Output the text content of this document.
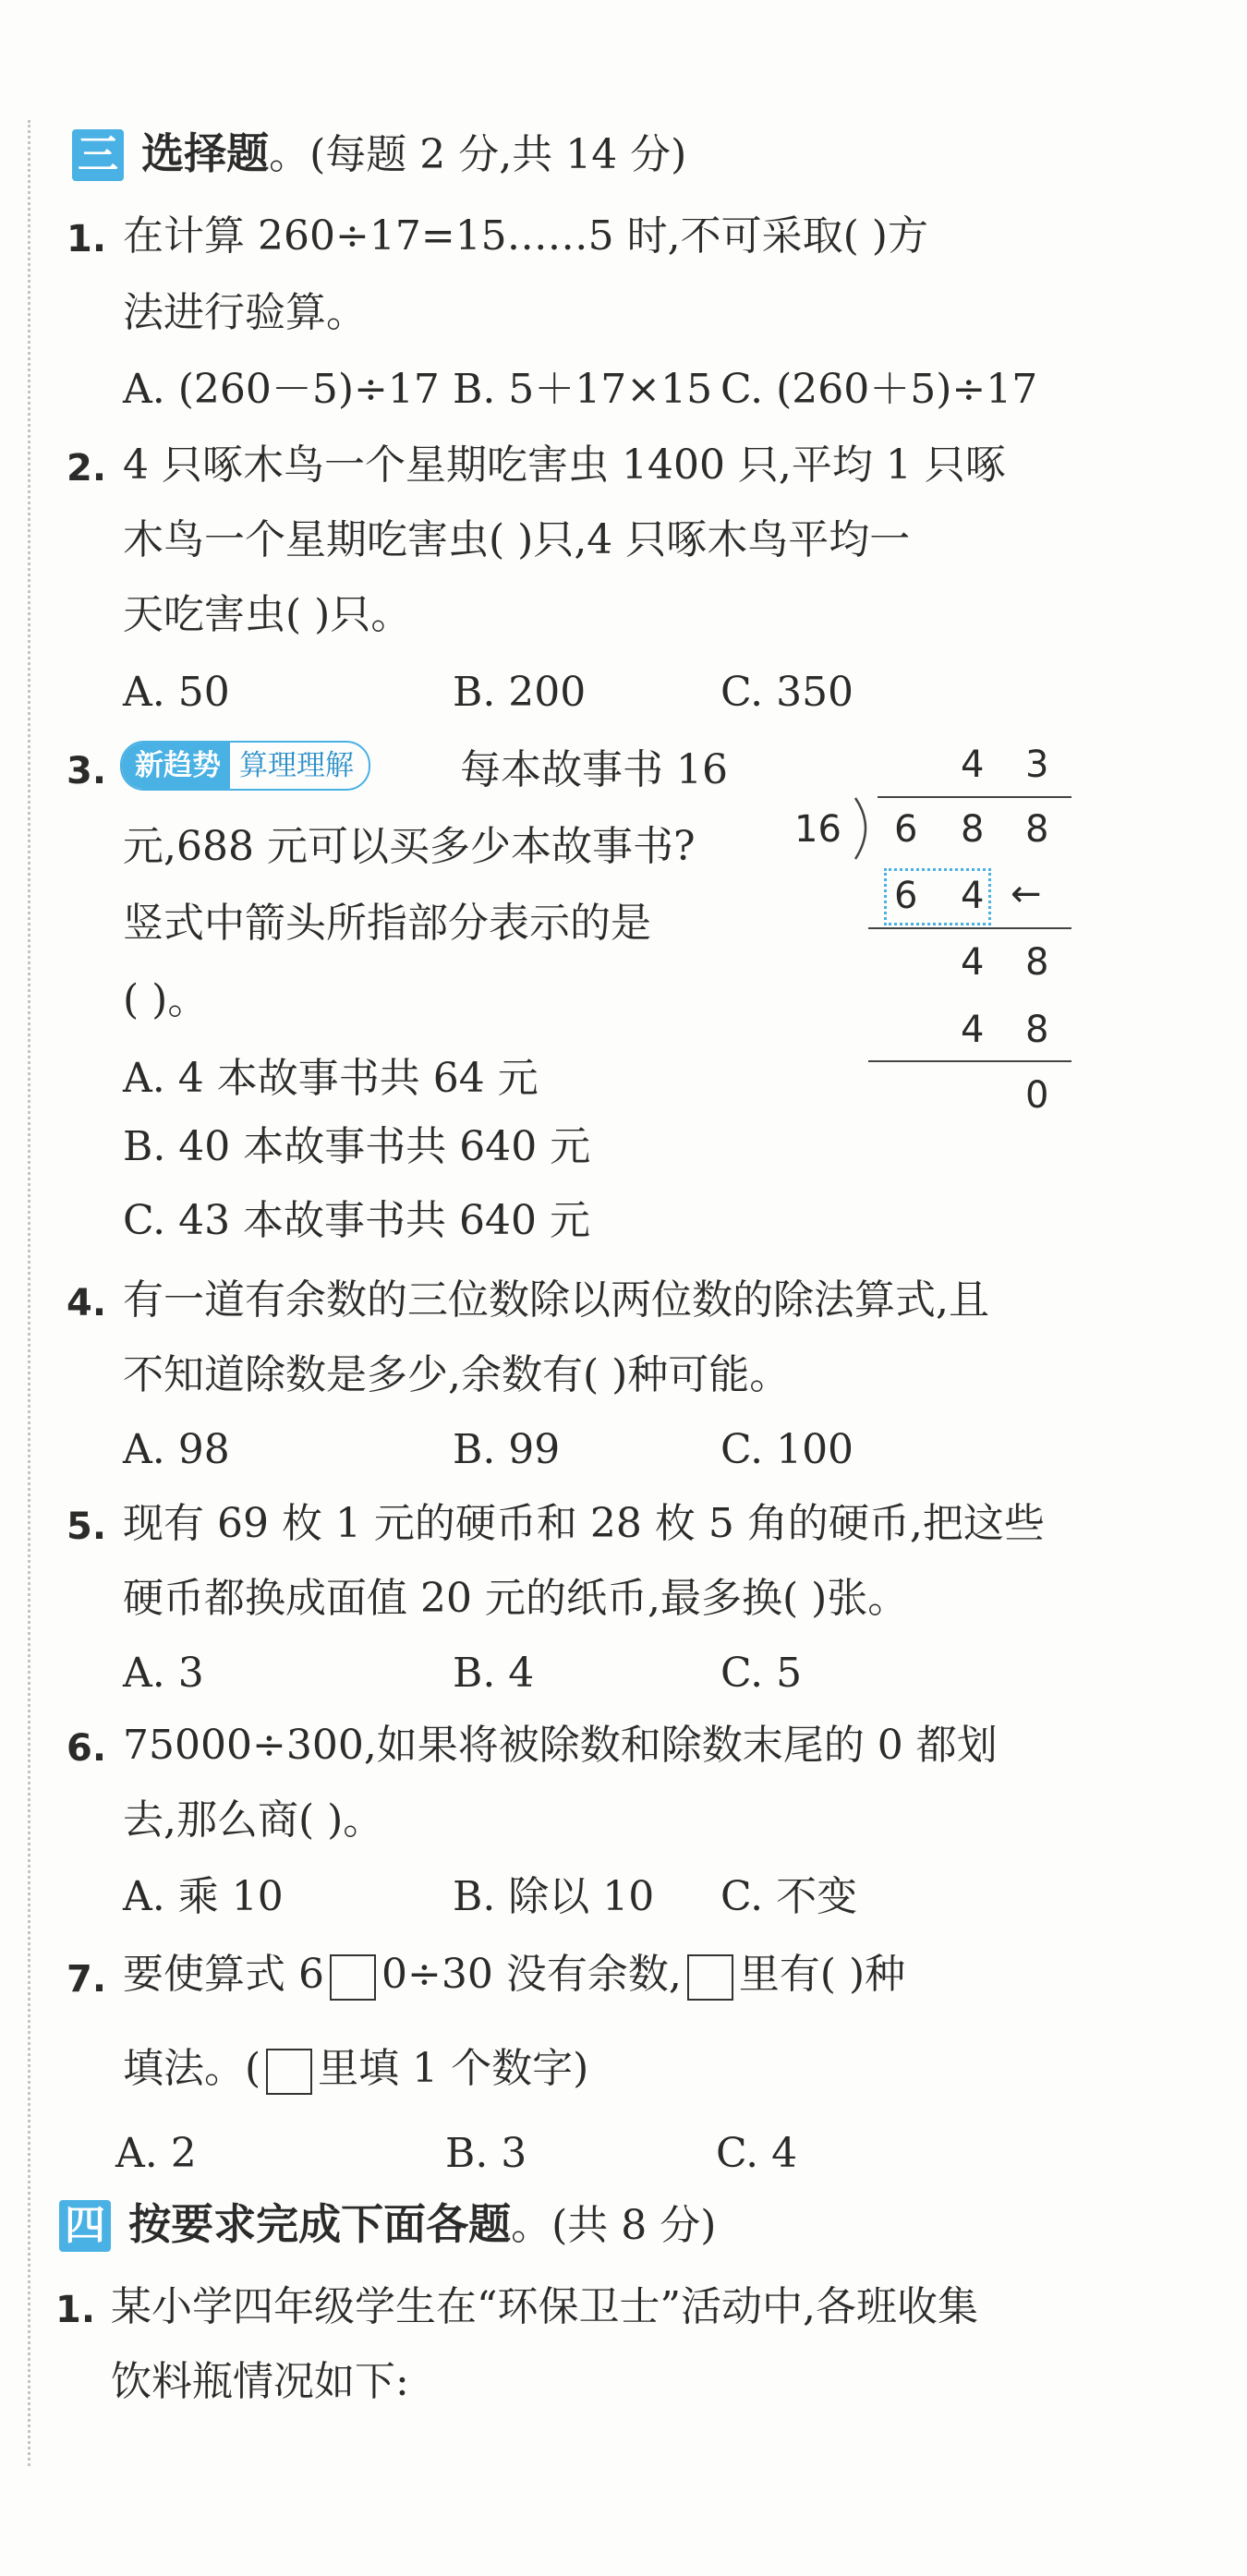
三 选择题。(每题 2 分,共 14 分)
1. 在计算 260÷17=15……5 时,不可采取( )方
法进行验算。
A. (260－5)÷17 B. 5＋17×15 C. (260＋5)÷17
2. 4 只啄木鸟一个星期吃害虫 1400 只,平均 1 只啄
木鸟一个星期吃害虫( )只,4 只啄木鸟平均一
天吃害虫( )只。
A. 50	B. 200	C. 350
3. 新趋势 算理理解	每本故事书 16
元,688 元可以买多少本故事书?
竖式中箭头所指部分表示的是
( )。
A. 4 本故事书共 64 元
B. 40 本故事书共 640 元
C. 43 本故事书共 640 元
4 3
16 6 8 8
6 4 ←
4 8
4 8
0
4. 有一道有余数的三位数除以两位数的除法算式,且
不知道除数是多少,余数有( )种可能。
A. 98	B. 99	C. 100
5. 现有 69 枚 1 元的硬币和 28 枚 5 角的硬币,把这些
硬币都换成面值 20 元的纸币,最多换( )张。
A. 3	B. 4	C. 5
6. 75000÷300,如果将被除数和除数末尾的 0 都划
去,那么商( )。
A. 乘 10	B. 除以 10 C. 不变
7. 要使算式 6 0÷30 没有余数, 里有( )种
填法。( 里填 1 个数字)
A. 2	B. 3	C. 4
四 按要求完成下面各题。(共 8 分)
1. 某小学四年级学生在“环保卫士”活动中,各班收集
饮料瓶情况如下:
